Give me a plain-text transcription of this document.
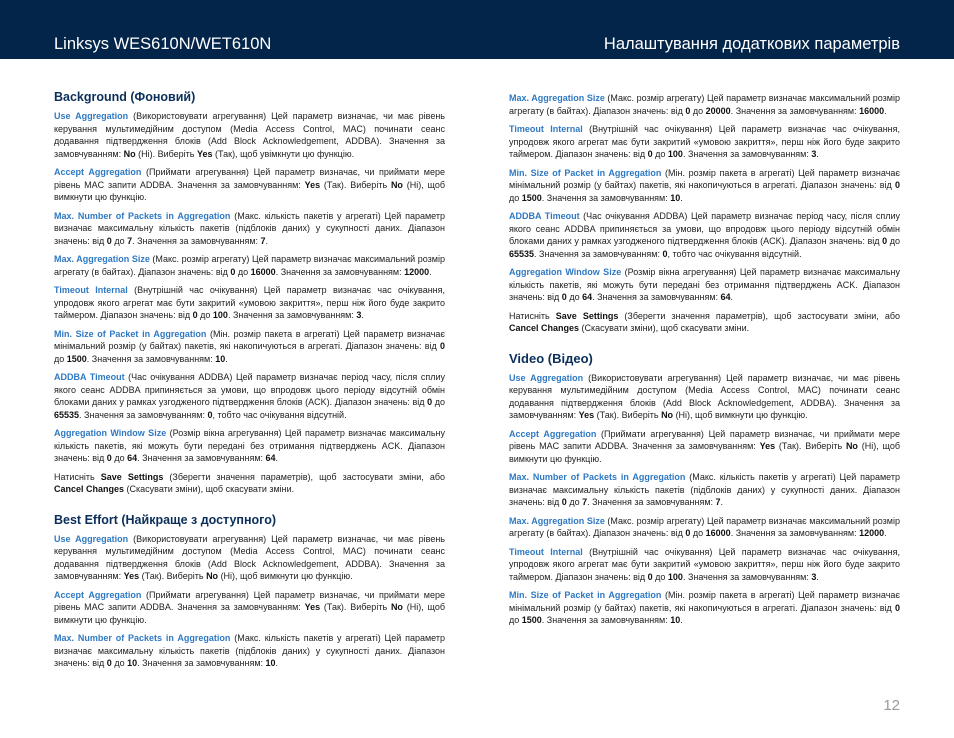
Linksys WES610N/WET610N	Налаштування додаткових параметрів
Background (Фоновий)

Use Aggregation (Використовувати агрегування) Цей параметр визначає, чи має рівень керування мультимедійним доступом (Media Access Control, MAC) починати сеанс додавання підтвердження блоків (Add Block Acknowledgement, ADDBA). Значення за замовчуванням: No (Ні). Виберіть Yes (Так), щоб увімкнути цю функцію.

Accept Aggregation (Приймати агрегування) Цей параметр визначає, чи приймати мере рівень MAC запити ADDBA. Значення за замовчуванням: Yes (Так). Виберіть No (Ні), щоб вимкнути цю функцію.

Max. Number of Packets in Aggregation (Макс. кількість пакетів у агрегаті) Цей параметр визначає максимальну кількість пакетів (підблоків даних) у сукупності даних. Діапазон значень: від 0 до 7. Значення за замовчуванням: 7.

Max. Aggregation Size (Макс. розмір агрегату) Цей параметр визначає максимальний розмір агрегату (в байтах). Діапазон значень: від 0 до 16000. Значення за замовчуванням: 12000.

Timeout Internal (Внутрішній час очікування) Цей параметр визначає час очікування, упродовж якого агрегат має бути закритий «умовою закриття», перш ніж його буде закрито таймером. Діапазон значень: від 0 до 100. Значення за замовчуванням: 3.

Min. Size of Packet in Aggregation (Мін. розмір пакета в агрегаті) Цей параметр визначає мінімальний розмір (у байтах) пакетів, які накопичуються в агрегаті. Діапазон значень: від 0 до 1500. Значення за замовчуванням: 10.

ADDBA Timeout (Час очікування ADDBA) Цей параметр визначає період часу, після сплиу якого сеанс ADDBA припиняється за умови, що впродовж цього періоду відсутній обмін блоками даних у рамках узгодженого підтвердження блоків (ACK). Діапазон значень: від 0 до 65535. Значення за замовчуванням: 0, тобто час очікування відсутній.

Aggregation Window Size (Розмір вікна агрегування) Цей параметр визначає максимальну кількість пакетів, які можуть бути передані без отримання підтверджень ACK. Діапазон значень: від 0 до 64. Значення за замовчуванням: 64.

Натисніть Save Settings (Зберегти значення параметрів), щоб застосувати зміни, або Cancel Changes (Скасувати зміни), щоб скасувати зміни.

Best Effort (Найкраще з доступного)

Use Aggregation (Використовувати агрегування) Цей параметр визначає, чи має рівень керування мультимедійним доступом (Media Access Control, MAC) починати сеанс додавання підтвердження блоків (Add Block Acknowledgement, ADDBA). Значення за замовчуванням: Yes (Так). Виберіть No (Ні), щоб вимкнути цю функцію.

Accept Aggregation (Приймати агрегування) Цей параметр визначає, чи приймати мере рівень MAC запити ADDBA. Значення за замовчуванням: Yes (Так). Виберіть No (Ні), щоб вимкнути цю функцію.

Max. Number of Packets in Aggregation (Макс. кількість пакетів у агрегаті) Цей параметр визначає максимальну кількість пакетів (підблоків даних) у сукупності даних. Діапазон значень: від 0 до 10. Значення за замовчуванням: 10.

Max. Aggregation Size (Макс. розмір агрегату) Цей параметр визначає максимальний розмір агрегату (в байтах). Діапазон значень: від 0 до 20000. Значення за замовчуванням: 16000.

Timeout Internal (Внутрішній час очікування) Цей параметр визначає час очікування, упродовж якого агрегат має бути закритий «умовою закриття», перш ніж його буде закрито таймером. Діапазон значень: від 0 до 100. Значення за замовчуванням: 3.

Min. Size of Packet in Aggregation (Мін. розмір пакета в агрегаті) Цей параметр визначає мінімальний розмір (у байтах) пакетів, які накопичуються в агрегаті. Діапазон значень: від 0 до 1500. Значення за замовчуванням: 10.

ADDBA Timeout (Час очікування ADDBA) Цей параметр визначає період часу, після сплиу якого сеанс ADDBA припиняється за умови, що впродовж цього періоду відсутній обмін блоками даних у рамках узгодженого підтвердження блоків (ACK). Діапазон значень: від 0 до 65535. Значення за замовчуванням: 0, тобто час очікування відсутній.

Aggregation Window Size (Розмір вікна агрегування) Цей параметр визначає максимальну кількість пакетів, які можуть бути передані без отримання підтверджень ACK. Діапазон значень: від 0 до 64. Значення за замовчуванням: 64.

Натисніть Save Settings (Зберегти значення параметрів), щоб застосувати зміни, або Cancel Changes (Скасувати зміни), щоб скасувати зміни.

Video (Відео)

Use Aggregation (Використовувати агрегування) Цей параметр визначає, чи має рівень керування мультимедійним доступом (Media Access Control, MAC) починати сеанс додавання підтвердження блоків (Add Block Acknowledgement, ADDBA). Значення за замовчуванням: Yes (Так). Виберіть No (Ні), щоб вимкнути цю функцію.

Accept Aggregation (Приймати агрегування) Цей параметр визначає, чи приймати мере рівень MAC запити ADDBA. Значення за замовчуванням: Yes (Так). Виберіть No (Ні), щоб вимкнути цю функцію.

Max. Number of Packets in Aggregation (Макс. кількість пакетів у агрегаті) Цей параметр визначає максимальну кількість пакетів (підблоків даних) у сукупності даних. Діапазон значень: від 0 до 7. Значення за замовчуванням: 7.

Max. Aggregation Size (Макс. розмір агрегату) Цей параметр визначає максимальний розмір агрегату (в байтах). Діапазон значень: від 0 до 16000. Значення за замовчуванням: 12000.

Timeout Internal (Внутрішній час очікування) Цей параметр визначає час очікування, упродовж якого агрегат має бути закритий «умовою закриття», перш ніж його буде закрито таймером. Діапазон значень: від 0 до 100. Значення за замовчуванням: 3.

Min. Size of Packet in Aggregation (Мін. розмір пакета в агрегаті) Цей параметр визначає мінімальний розмір (у байтах) пакетів, які накопичуються в агрегаті. Діапазон значень: від 0 до 1500. Значення за замовчуванням: 10.

12
